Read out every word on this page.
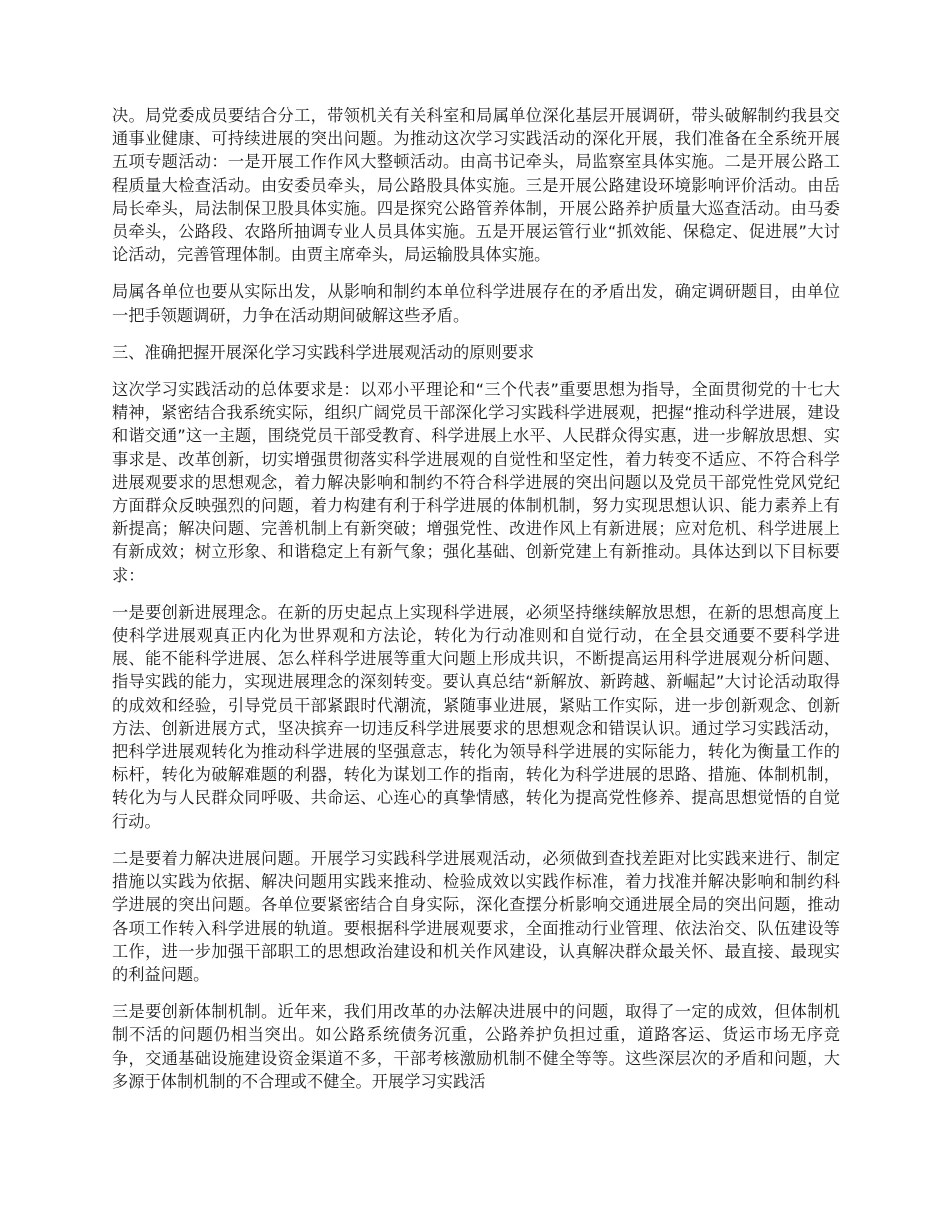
决。局党委成员要结合分工，带领机关有关科室和局属单位深化基层开展调研，带头破解制约我县交通事业健康、可持续进展的突出问题。为推动这次学习实践活动的深化开展，我们准备在全系统开展五项专题活动：一是开展工作作风大整顿活动。由高书记牵头，局监察室具体实施。二是开展公路工程质量大检查活动。由安委员牵头，局公路股具体实施。三是开展公路建设环境影响评价活动。由岳局长牵头，局法制保卫股具体实施。四是探究公路管养体制，开展公路养护质量大巡查活动。由马委员牵头，公路段、农路所抽调专业人员具体实施。五是开展运管行业“抓效能、保稳定、促进展”大讨论活动，完善管理体制。由贾主席牵头，局运输股具体实施。

局属各单位也要从实际出发，从影响和制约本单位科学进展存在的矛盾出发，确定调研题目，由单位一把手领题调研，力争在活动期间破解这些矛盾。

三、准确把握开展深化学习实践科学进展观活动的原则要求

这次学习实践活动的总体要求是：以邓小平理论和“三个代表”重要思想为指导，全面贯彻党的十七大精神，紧密结合我系统实际，组织广阔党员干部深化学习实践科学进展观，把握“推动科学进展，建设和谐交通”这一主题，围绕党员干部受教育、科学进展上水平、人民群众得实惠，进一步解放思想、实事求是、改革创新，切实增强贯彻落实科学进展观的自觉性和坚定性，着力转变不适应、不符合科学进展观要求的思想观念，着力解决影响和制约不符合科学进展的突出问题以及党员干部党性党风党纪方面群众反映强烈的问题，着力构建有利于科学进展的体制机制，努力实现思想认识、能力素养上有新提高；解决问题、完善机制上有新突破；增强党性、改进作风上有新进展；应对危机、科学进展上有新成效；树立形象、和谐稳定上有新气象；强化基础、创新党建上有新推动。具体达到以下目标要求：

一是要创新进展理念。在新的历史起点上实现科学进展，必须坚持继续解放思想，在新的思想高度上使科学进展观真正内化为世界观和方法论，转化为行动准则和自觉行动，在全县交通要不要科学进展、能不能科学进展、怎么样科学进展等重大问题上形成共识，不断提高运用科学进展观分析问题、指导实践的能力，实现进展理念的深刻转变。要认真总结“新解放、新跨越、新崛起”大讨论活动取得的成效和经验，引导党员干部紧跟时代潮流，紧随事业进展，紧贴工作实际，进一步创新观念、创新方法、创新进展方式，坚决摈弃一切违反科学进展要求的思想观念和错误认识。通过学习实践活动，把科学进展观转化为推动科学进展的坚强意志，转化为领导科学进展的实际能力，转化为衡量工作的标杆，转化为破解难题的利器，转化为谋划工作的指南，转化为科学进展的思路、措施、体制机制，转化为与人民群众同呼吸、共命运、心连心的真挚情感，转化为提高党性修养、提高思想觉悟的自觉行动。

二是要着力解决进展问题。开展学习实践科学进展观活动，必须做到查找差距对比实践来进行、制定措施以实践为依据、解决问题用实践来推动、检验成效以实践作标准，着力找准并解决影响和制约科学进展的突出问题。各单位要紧密结合自身实际，深化查摆分析影响交通进展全局的突出问题，推动各项工作转入科学进展的轨道。要根据科学进展观要求，全面推动行业管理、依法治交、队伍建设等工作，进一步加强干部职工的思想政治建设和机关作风建设，认真解决群众最关怀、最直接、最现实的利益问题。

三是要创新体制机制。近年来，我们用改革的办法解决进展中的问题，取得了一定的成效，但体制机制不活的问题仍相当突出。如公路系统债务沉重，公路养护负担过重，道路客运、货运市场无序竞争，交通基础设施建设资金渠道不多，干部考核激励机制不健全等等。这些深层次的矛盾和问题，大多源于体制机制的不合理或不健全。开展学习实践活
